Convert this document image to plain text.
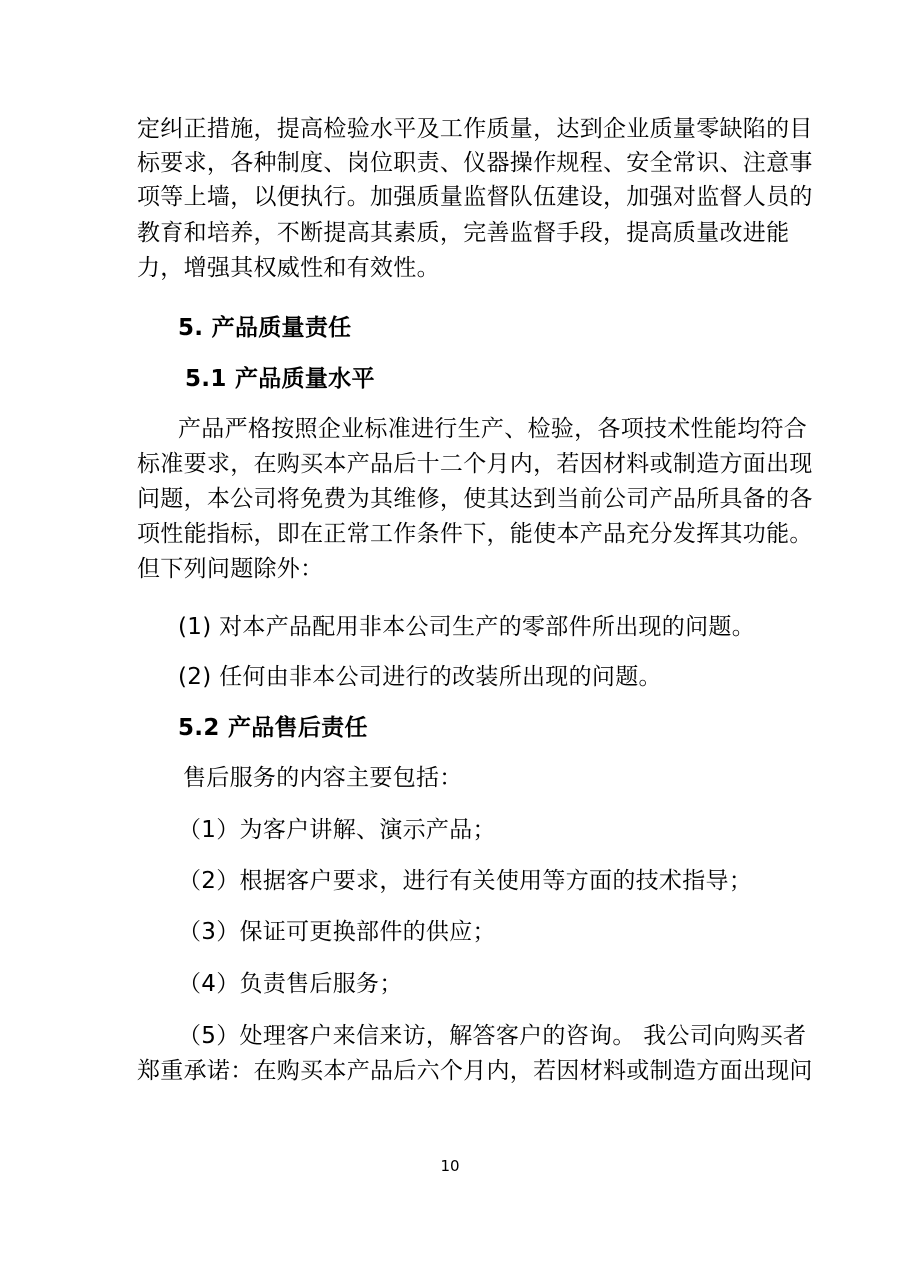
定纠正措施，提高检验水平及工作质量，达到企业质量零缺陷的目
标要求，各种制度、岗位职责、仪器操作规程、安全常识、注意事
项等上墙，以便执行。加强质量监督队伍建设，加强对监督人员的
教育和培养，不断提高其素质，完善监督手段，提高质量改进能
力，增强其权威性和有效性。
5. 产品质量责任
5.1 产品质量水平
产品严格按照企业标准进行生产、检验，各项技术性能均符合
标准要求，在购买本产品后十二个月内，若因材料或制造方面出现
问题，本公司将免费为其维修，使其达到当前公司产品所具备的各
项性能指标，即在正常工作条件下，能使本产品充分发挥其功能。
但下列问题除外：
(1) 对本产品配用非本公司生产的零部件所出现的问题。
(2) 任何由非本公司进行的改装所出现的问题。
5.2 产品售后责任
售后服务的内容主要包括：
（1）为客户讲解、演示产品；
（2）根据客户要求，进行有关使用等方面的技术指导；
（3）保证可更换部件的供应；
（4）负责售后服务；
（5）处理客户来信来访，解答客户的咨询。 我公司向购买者
郑重承诺：在购买本产品后六个月内，若因材料或制造方面出现问
10
